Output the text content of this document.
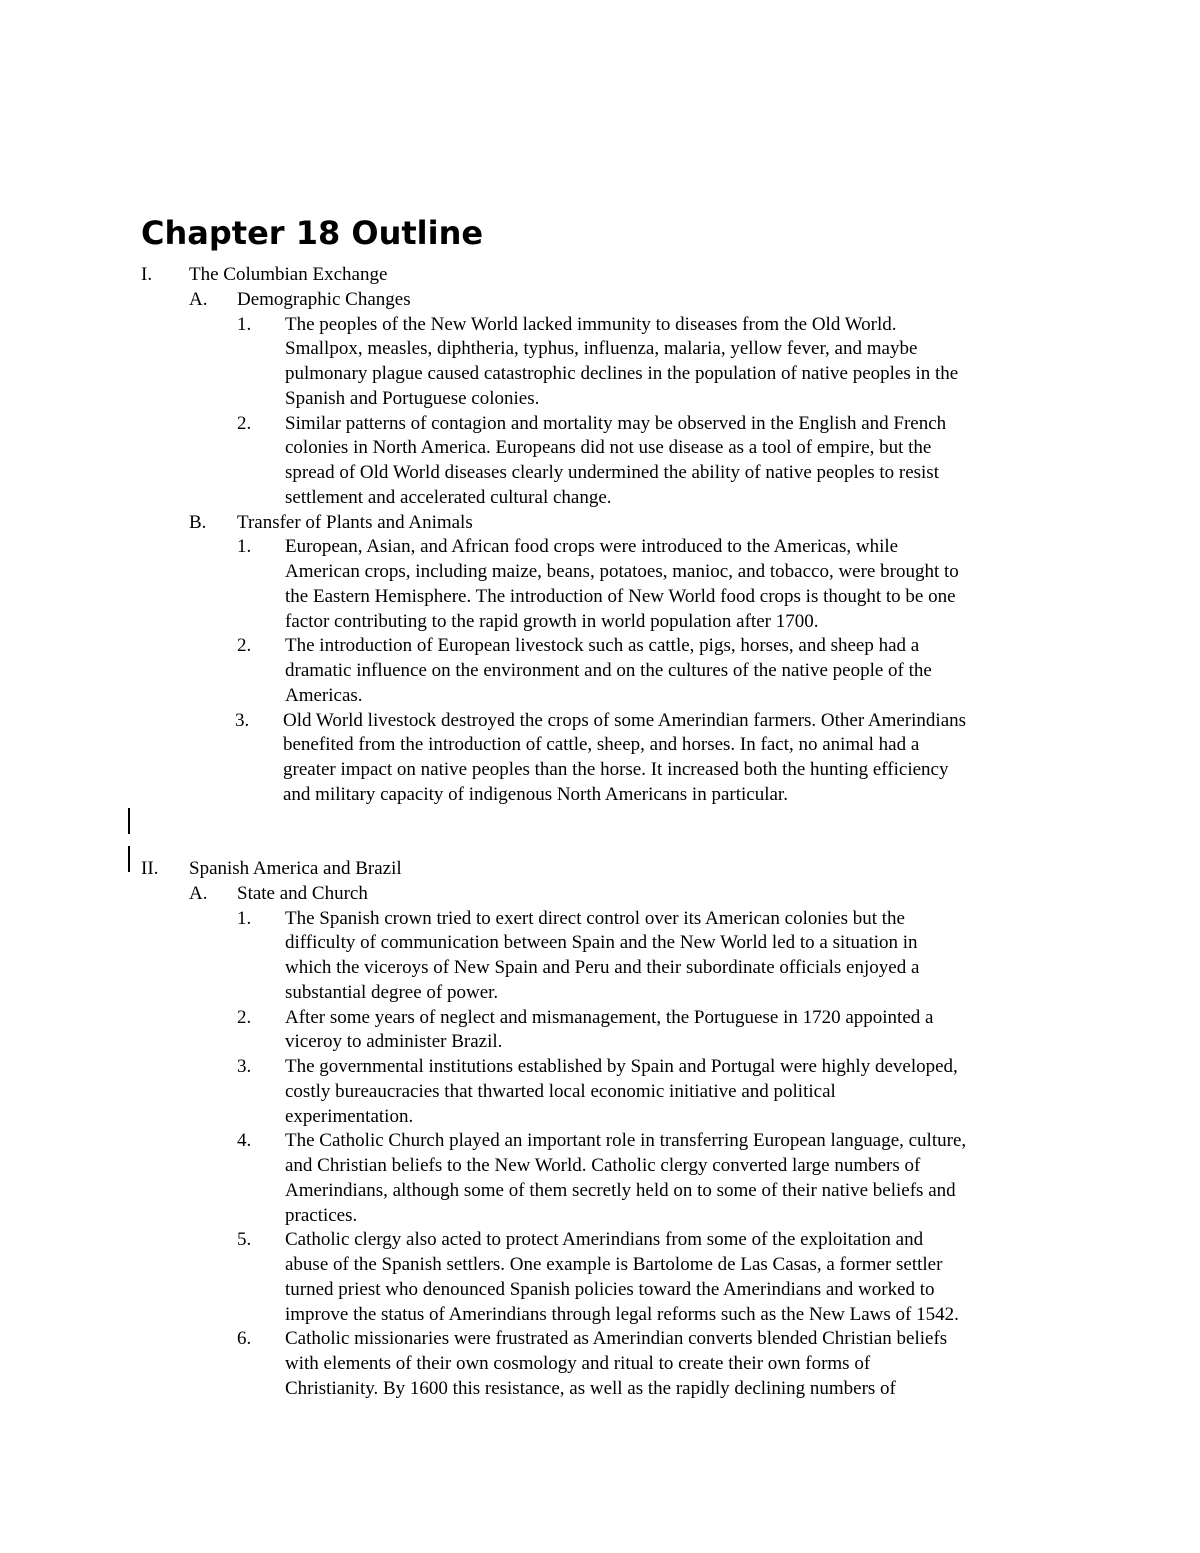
Chapter 18 Outline
I. The Columbian Exchange
A. Demographic Changes
1. The peoples of the New World lacked immunity to diseases from the Old World.
Smallpox, measles, diphtheria, typhus, influenza, malaria, yellow fever, and maybe
pulmonary plague caused catastrophic declines in the population of native peoples in the
Spanish and Portuguese colonies.
2. Similar patterns of contagion and mortality may be observed in the English and French
colonies in North America. Europeans did not use disease as a tool of empire, but the
spread of Old World diseases clearly undermined the ability of native peoples to resist
settlement and accelerated cultural change.
B. Transfer of Plants and Animals
1. European, Asian, and African food crops were introduced to the Americas, while
American crops, including maize, beans, potatoes, manioc, and tobacco, were brought to
the Eastern Hemisphere. The introduction of New World food crops is thought to be one
factor contributing to the rapid growth in world population after 1700.
2. The introduction of European livestock such as cattle, pigs, horses, and sheep had a
dramatic influence on the environment and on the cultures of the native people of the
Americas.
3. Old World livestock destroyed the crops of some Amerindian farmers. Other Amerindians
benefited from the introduction of cattle, sheep, and horses. In fact, no animal had a
greater impact on native peoples than the horse. It increased both the hunting efficiency
and military capacity of indigenous North Americans in particular.
II. Spanish America and Brazil
A. State and Church
1. The Spanish crown tried to exert direct control over its American colonies but the
difficulty of communication between Spain and the New World led to a situation in
which the viceroys of New Spain and Peru and their subordinate officials enjoyed a
substantial degree of power.
2. After some years of neglect and mismanagement, the Portuguese in 1720 appointed a
viceroy to administer Brazil.
3. The governmental institutions established by Spain and Portugal were highly developed,
costly bureaucracies that thwarted local economic initiative and political
experimentation.
4. The Catholic Church played an important role in transferring European language, culture,
and Christian beliefs to the New World. Catholic clergy converted large numbers of
Amerindians, although some of them secretly held on to some of their native beliefs and
practices.
5. Catholic clergy also acted to protect Amerindians from some of the exploitation and
abuse of the Spanish settlers. One example is Bartolome de Las Casas, a former settler
turned priest who denounced Spanish policies toward the Amerindians and worked to
improve the status of Amerindians through legal reforms such as the New Laws of 1542.
6. Catholic missionaries were frustrated as Amerindian converts blended Christian beliefs
with elements of their own cosmology and ritual to create their own forms of
Christianity. By 1600 this resistance, as well as the rapidly declining numbers of
